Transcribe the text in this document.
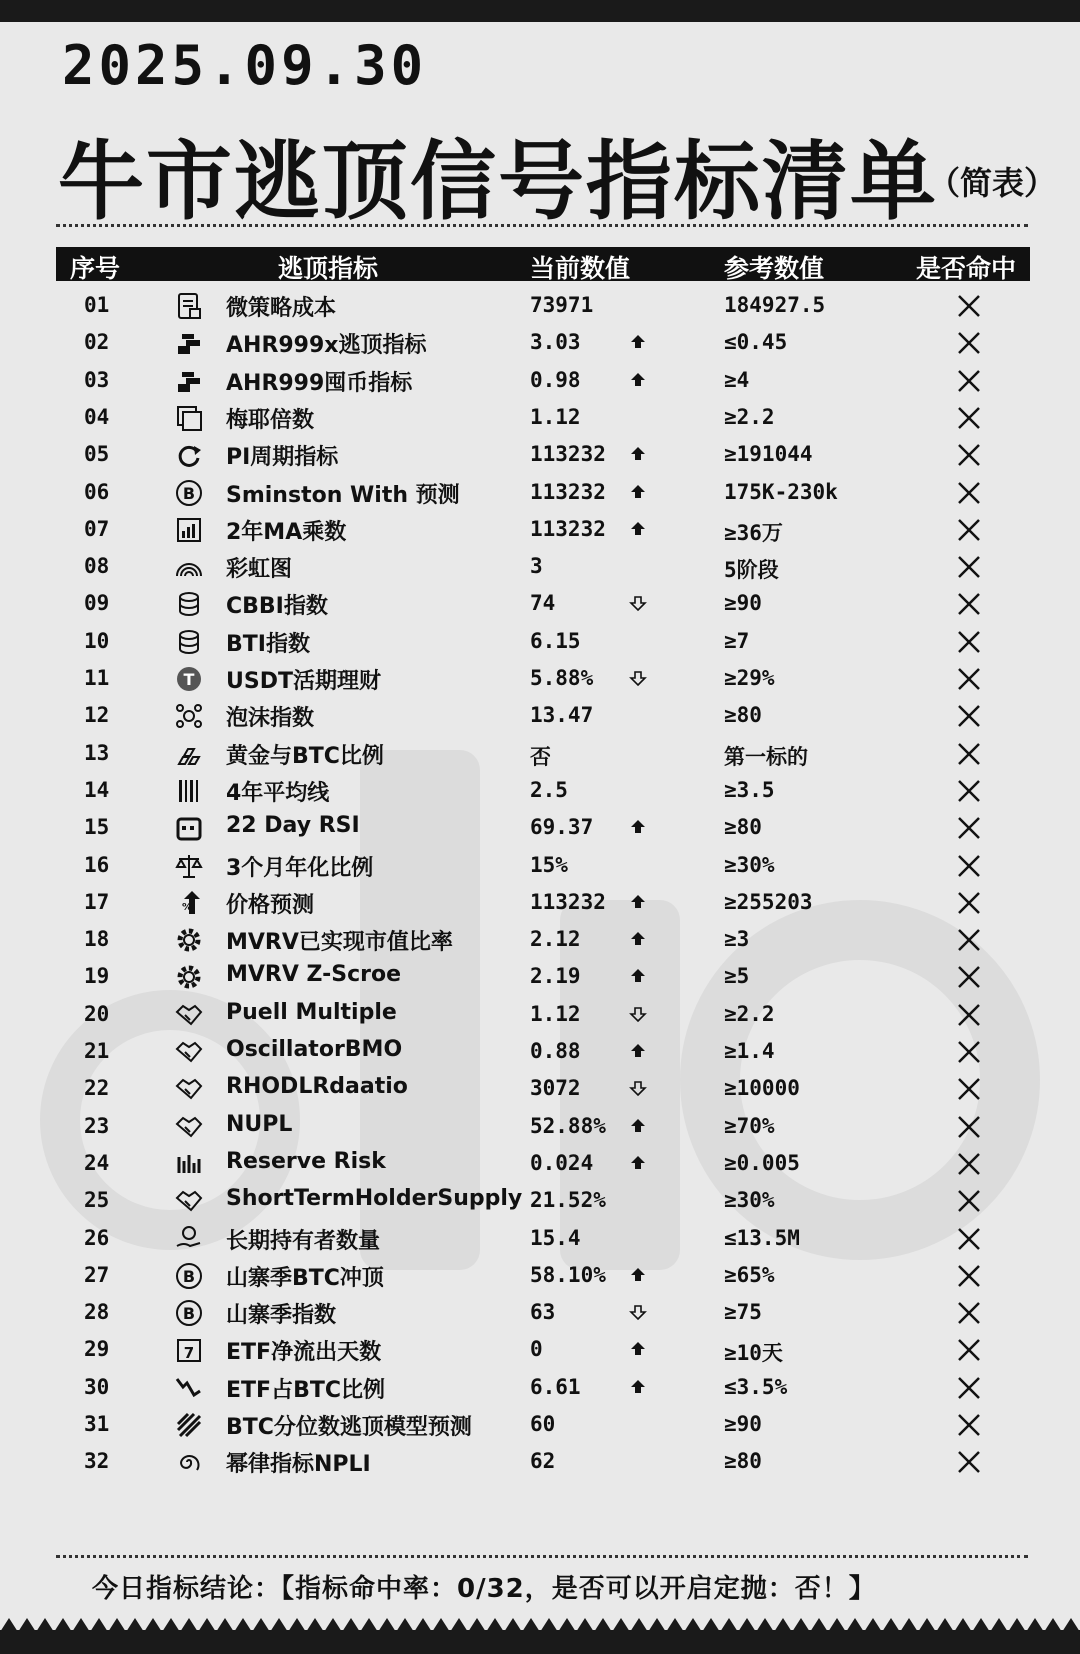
2025.09.30
牛市逃顶信号指标清单
（简表）
序号	逃顶指标	当前数值	参考数值	是否命中
01	微策略成本	73971	184927.5
02	AHR999x逃顶指标	3.03	≤0.45
03	AHR999囤币指标	0.98	≥4
04	梅耶倍数	1.12	≥2.2
05	PI周期指标	113232	≥191044
06	B Sminston With 预测	113232	175K-230k
07	2年MA乘数	113232	≥36万
08	彩虹图	3	5阶段
09	CBBI指数	74	≥90
10	BTI指数	6.15	≥7
11	T USDT活期理财	5.88%	≥29%
12	泡沫指数	13.47	≥80
13	黄金与BTC比例	否	第一标的
14	4年平均线	2.5	≥3.5
15	22 Day RSI	69.37	≥80
16	3个月年化比例	15%	≥30%
17	% 价格预测	113232	≥255203
18	MVRV已实现市值比率	2.12	≥3
19	MVRV Z-Scroe	2.19	≥5
20	Puell Multiple	1.12	≥2.2
21	OscillatorBMO	0.88	≥1.4
22	RHODLRdaatio	3072	≥10000
23	NUPL	52.88%	≥70%
24	Reserve Risk	0.024	≥0.005
25	ShortTermHolderSupply 21.52%	≥30%
26	长期持有者数量	15.4	≤13.5M
27	B 山寨季BTC冲顶	58.10%	≥65%
28	B 山寨季指数	63	≥75
29	7 ETF净流出天数	0	≥10天
30	ETF占BTC比例	6.61	≤3.5%
31	BTC分位数逃顶模型预测	60	≥90
32	幂律指标NPLI	62	≥80
今日指标结论：【指标命中率：0/32，是否可以开启定抛：否！】
